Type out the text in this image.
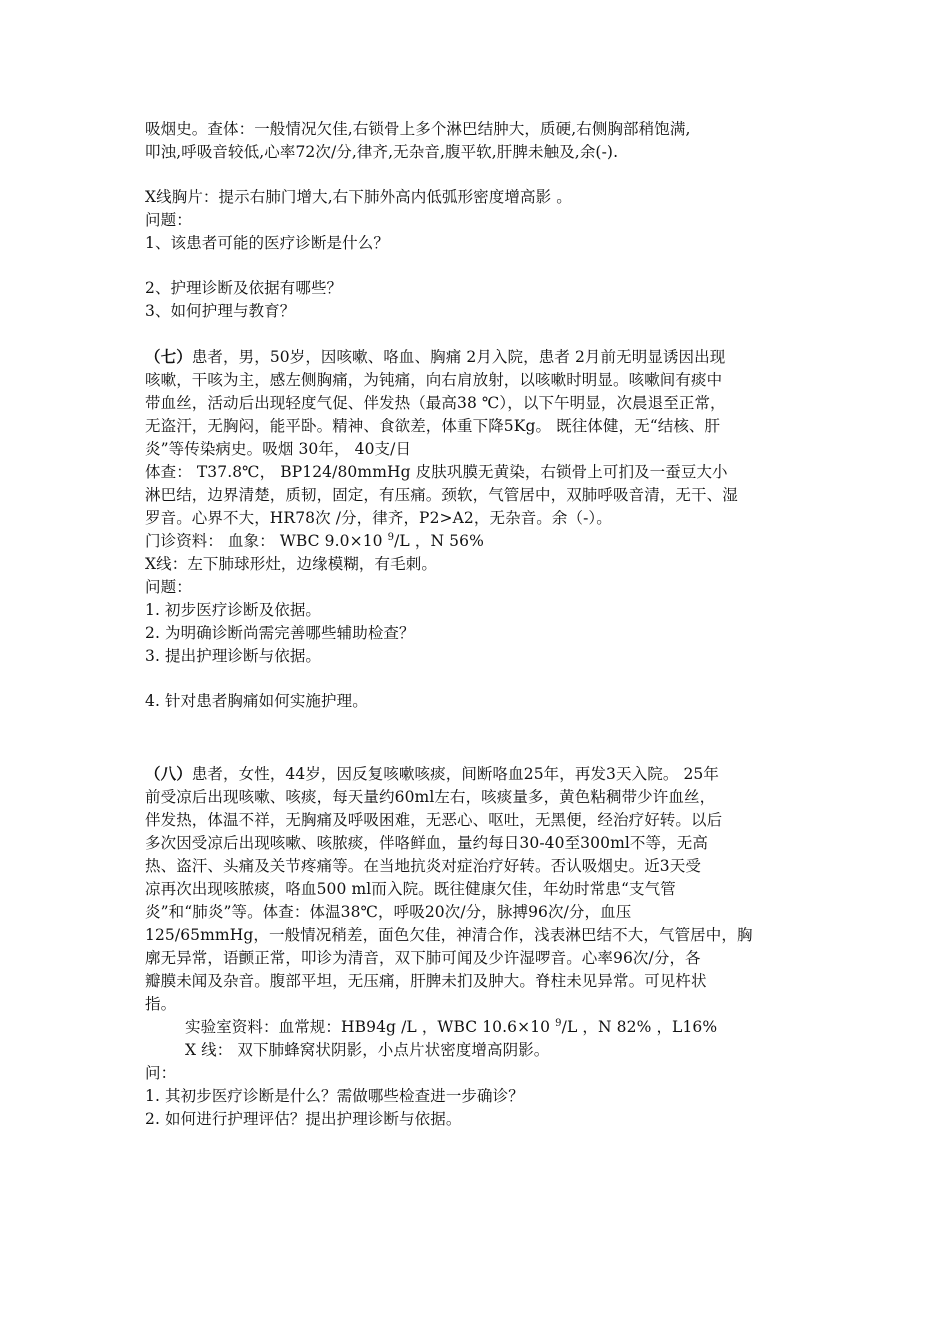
吸烟史。查体：一般情况欠佳,右锁骨上多个淋巴结肿大，质硬,右侧胸部稍饱满,
叩浊,呼吸音较低,心率72次/分,律齐,无杂音,腹平软,肝脾未触及,余(-).
X线胸片：提示右肺门增大,右下肺外高内低弧形密度增高影 。
问题：
1、该患者可能的医疗诊断是什么？
2、护理诊断及依据有哪些？
3、如何护理与教育？
（七）患者，男，50岁，因咳嗽、咯血、胸痛 2月入院，患者 2月前无明显诱因出现
咳嗽，干咳为主，感左侧胸痛，为钝痛，向右肩放射，以咳嗽时明显。咳嗽间有痰中
带血丝，活动后出现轻度气促、伴发热（最高38 ℃），以下午明显，次晨退至正常，
无盗汗，无胸闷，能平卧。精神、食欲差，体重下降5Kg。 既往体健，无“结核、肝
炎”等传染病史。吸烟 30年， 40支/日
体查： T37.8℃， BP124/80mmHg 皮肤巩膜无黄染，右锁骨上可扪及一蚕豆大小
淋巴结，边界清楚，质韧，固定，有压痛。颈软，气管居中，双肺呼吸音清，无干、湿
罗音。心界不大，HR78次 /分，律齐，P2>A2，无杂音。余（-）。
门诊资料： 血象： WBC 9.0×10 $^9$/L ，N 56%
X线：左下肺球形灶，边缘模糊，有毛刺。
问题：
1. 初步医疗诊断及依据。
2. 为明确诊断尚需完善哪些辅助检查？
3. 提出护理诊断与依据。
4. 针对患者胸痛如何实施护理。
（八）患者，女性，44岁，因反复咳嗽咳痰，间断咯血25年，再发3天入院。 25年
前受凉后出现咳嗽、咳痰，每天量约60ml左右，咳痰量多，黄色粘稠带少许血丝，
伴发热，体温不祥，无胸痛及呼吸困难，无恶心、呕吐，无黑便，经治疗好转。以后
多次因受凉后出现咳嗽、咳脓痰，伴咯鲜血，量约每日30-40至300ml不等，无高
热、盗汗、头痛及关节疼痛等。在当地抗炎对症治疗好转。否认吸烟史。近3天受
凉再次出现咳脓痰，咯血500 ml而入院。既往健康欠佳，年幼时常患“支气管
炎”和“肺炎”等。体查：体温38℃，呼吸20次/分，脉搏96次/分，血压
125/65mmHg，一般情况稍差，面色欠佳，神清合作，浅表淋巴结不大，气管居中，胸
廓无异常，语颤正常，叩诊为清音，双下肺可闻及少许湿啰音。心率96次/分，各
瓣膜未闻及杂音。腹部平坦，无压痛，肝脾未扪及肿大。脊柱未见异常。可见杵状
指。
实验室资料：血常规：HB94g /L ，WBC 10.6×10 $^9$/L ，N 82% ，L16%
X 线： 双下肺蜂窝状阴影，小点片状密度增高阴影。
问：
1. 其初步医疗诊断是什么？需做哪些检查进一步确诊？
2. 如何进行护理评估？提出护理诊断与依据。
